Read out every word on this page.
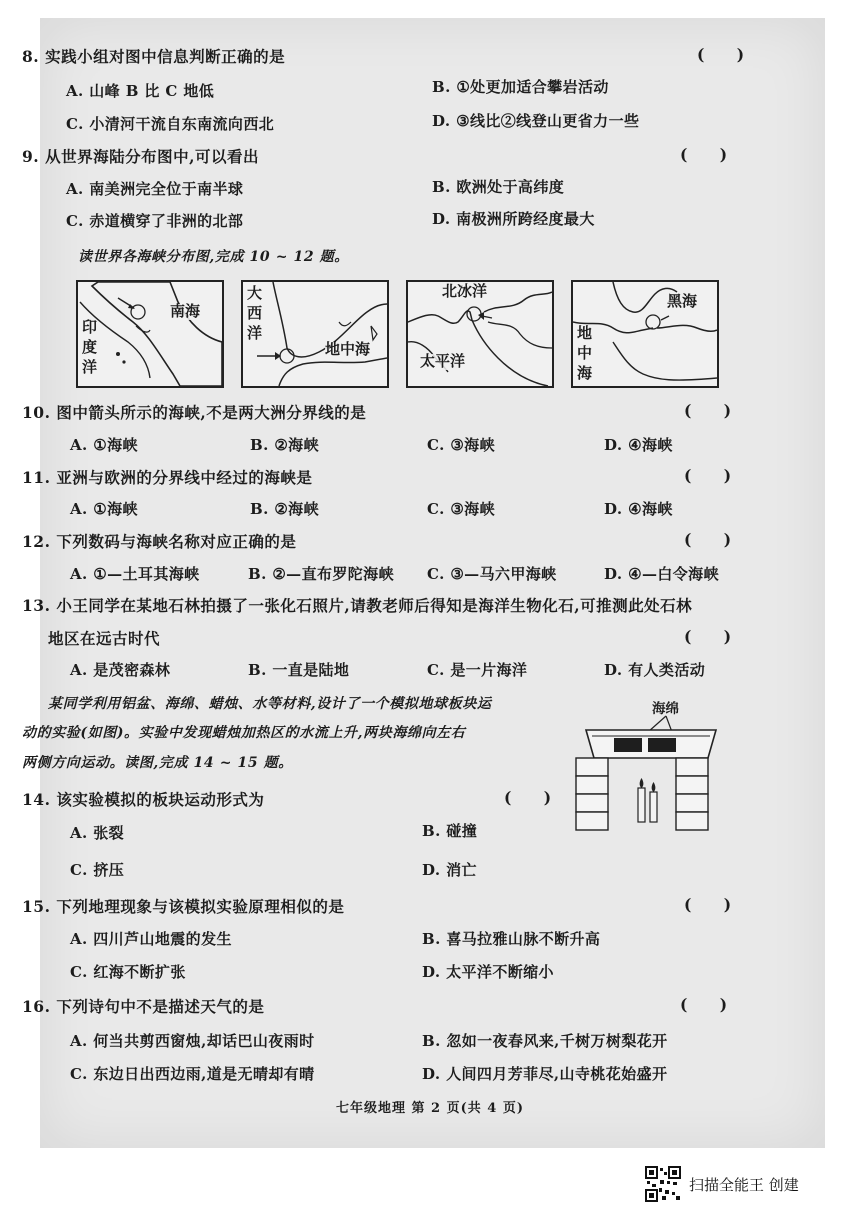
8. 实践小组对图中信息判断正确的是	(      )
A. 山峰 B 比 C 地低	B. ①处更加适合攀岩活动
C. 小清河干流自东南流向西北	D. ③线比②线登山更省力一些
9. 从世界海陆分布图中,可以看出	(      )
A. 南美洲完全位于南半球	B. 欧洲处于高纬度
C. 赤道横穿了非洲的北部	D. 南极洲所跨经度最大
读世界各海峡分布图,完成 10 ~ 12 题。
南海
印
度
洋
大
西
洋
地中海
北冰洋
太平洋
黑海
地
中
海
10. 图中箭头所示的海峡,不是两大洲分界线的是	(      )
A. ①海峡	B. ②海峡	C. ③海峡	D. ④海峡
11. 亚洲与欧洲的分界线中经过的海峡是	(      )
A. ①海峡	B. ②海峡	C. ③海峡	D. ④海峡
12. 下列数码与海峡名称对应正确的是	(      )
A. ①—土耳其海峡	B. ②—直布罗陀海峡 C. ③—马六甲海峡	D. ④—白令海峡
13. 小王同学在某地石林拍摄了一张化石照片,请教老师后得知是海洋生物化石,可推测此处石林
地区在远古时代	(      )
A. 是茂密森林	B. 一直是陆地	C. 是一片海洋	D. 有人类活动
某同学利用铝盆、海绵、蜡烛、水等材料,设计了一个模拟地球板块运
动的实验(如图)。实验中发现蜡烛加热区的水流上升,两块海绵向左右
两侧方向运动。读图,完成 14 ~ 15 题。
海绵
14. 该实验模拟的板块运动形式为	(      )
A. 张裂	B. 碰撞
C. 挤压	D. 消亡
15. 下列地理现象与该模拟实验原理相似的是	(      )
A. 四川芦山地震的发生	B. 喜马拉雅山脉不断升高
C. 红海不断扩张	D. 太平洋不断缩小
16. 下列诗句中不是描述天气的是	(      )
A. 何当共剪西窗烛,却话巴山夜雨时	B. 忽如一夜春风来,千树万树梨花开
C. 东边日出西边雨,道是无晴却有晴	D. 人间四月芳菲尽,山寺桃花始盛开
七年级地理 第 2 页(共 4 页)
扫描全能王 创建
